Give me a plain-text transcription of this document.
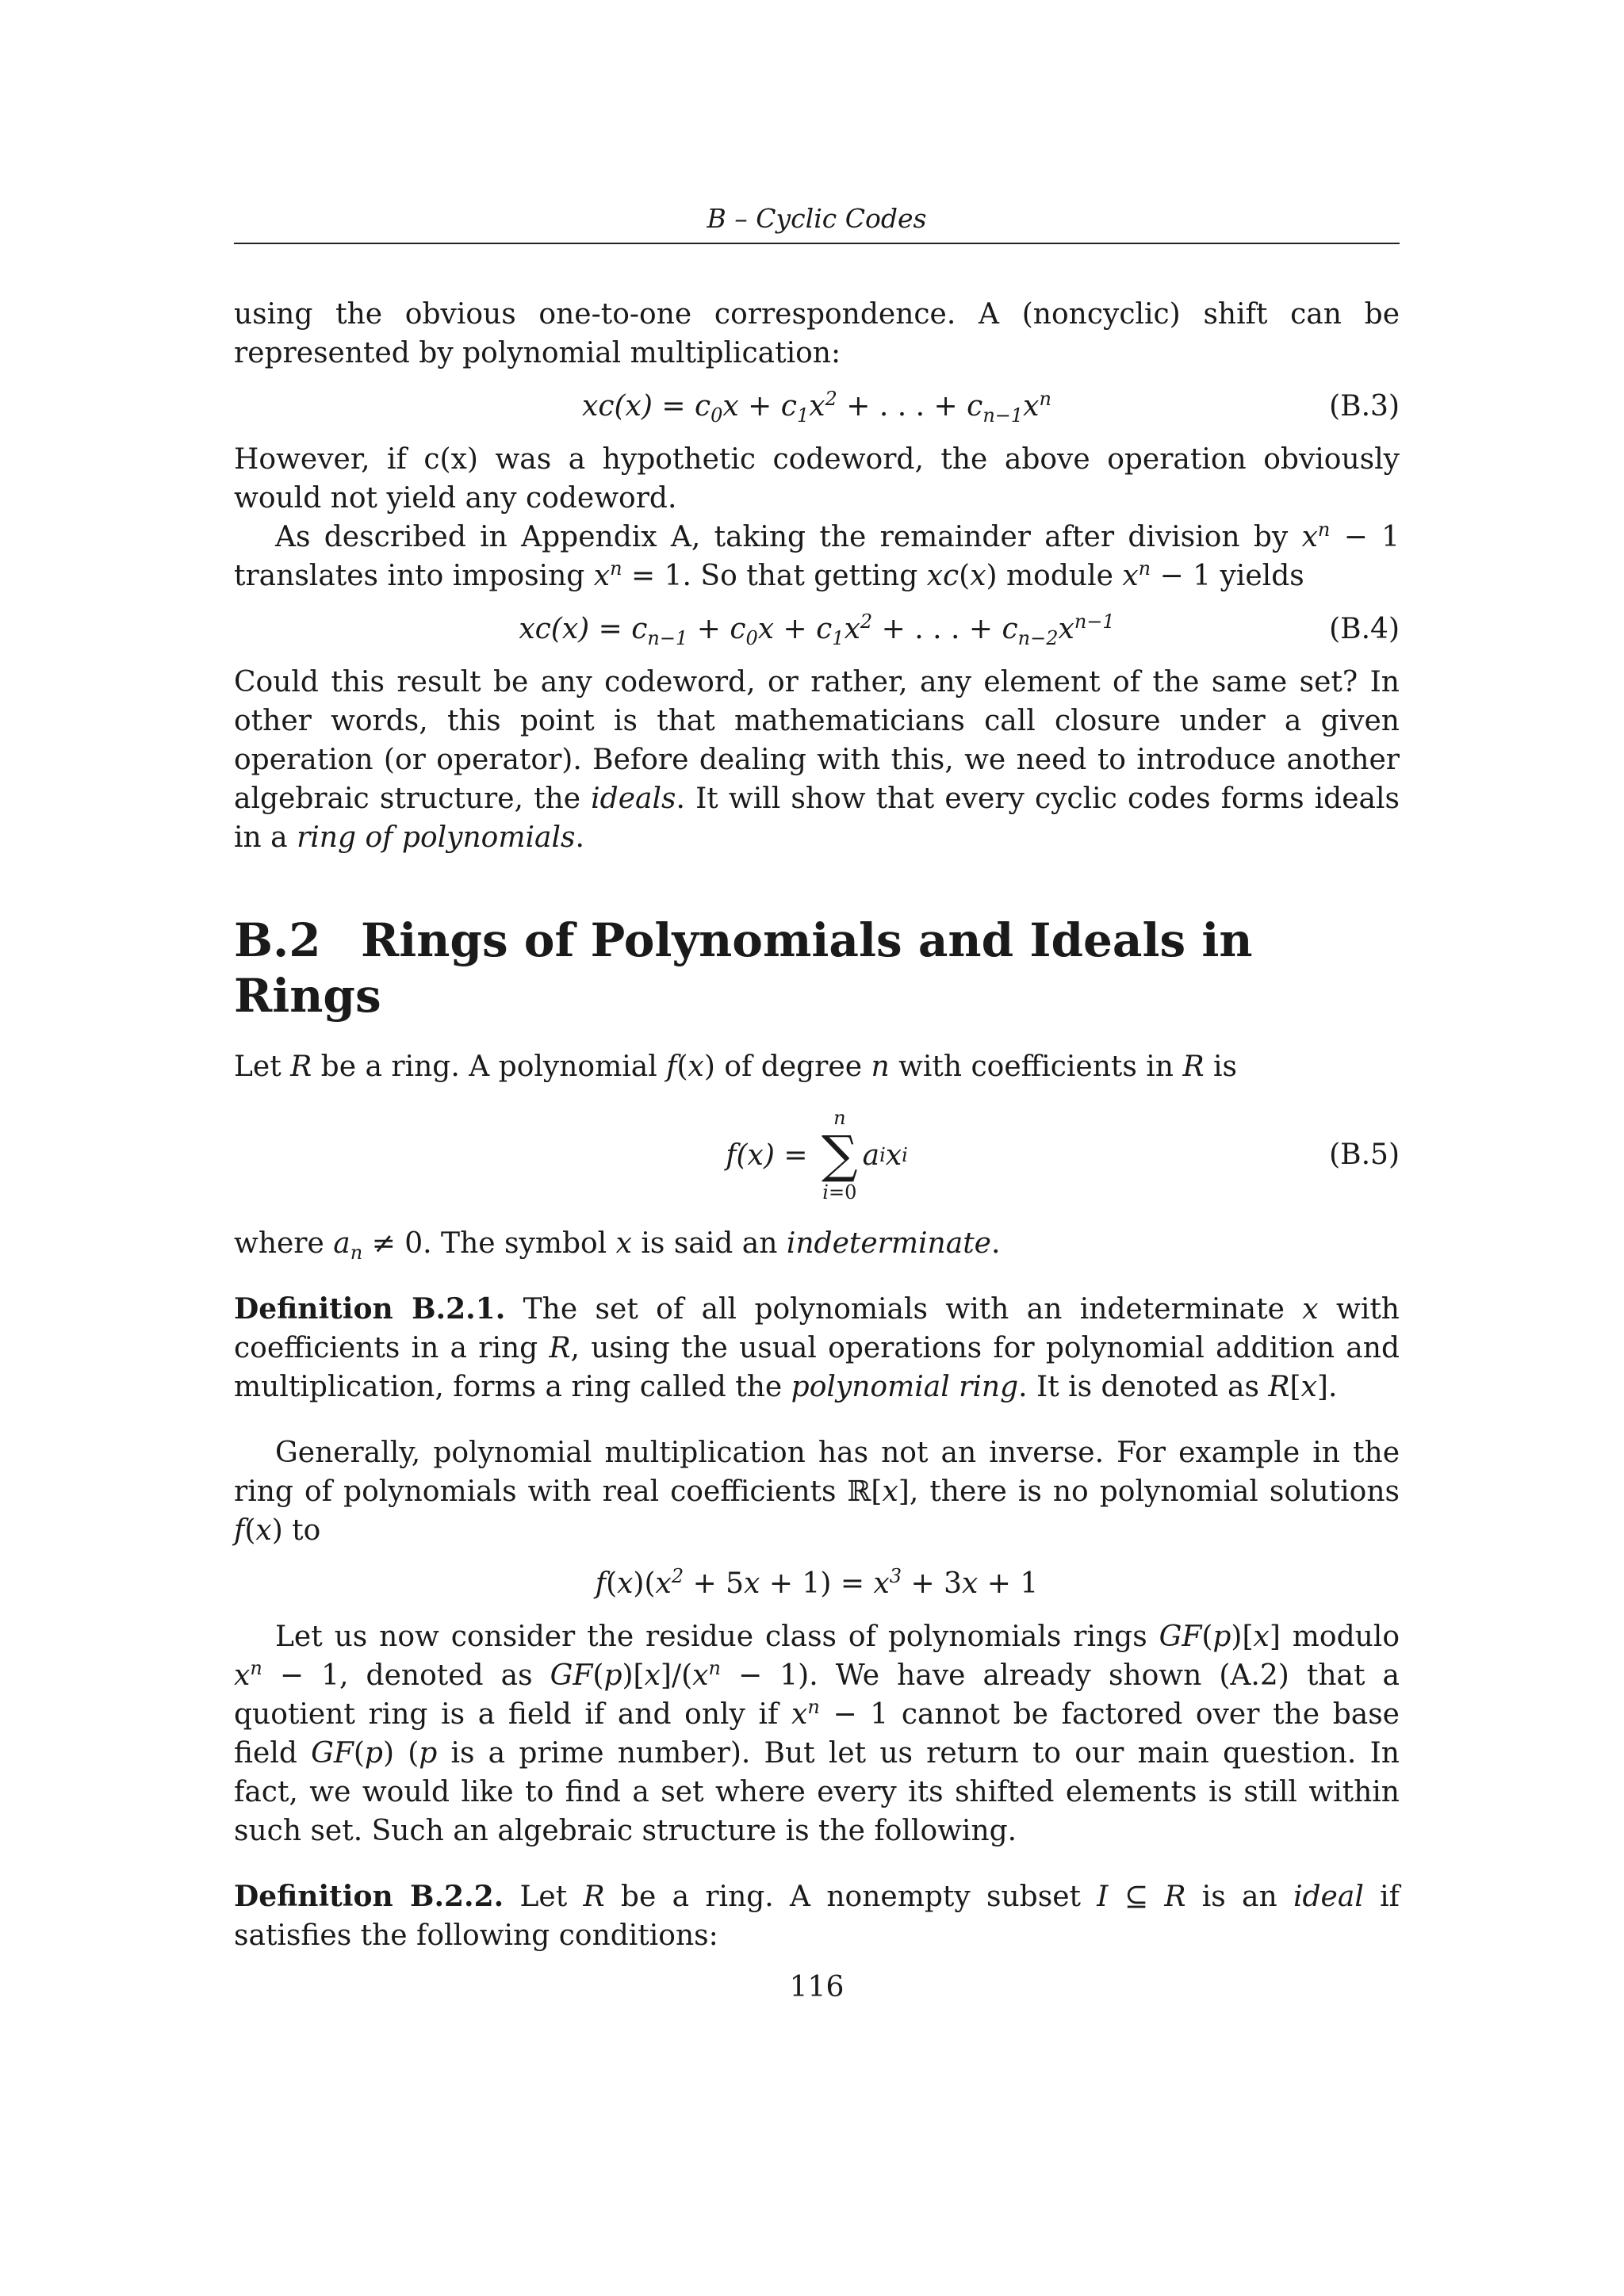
B – Cyclic Codes

using the obvious one-to-one correspondence. A (noncyclic) shift can be represented by polynomial multiplication:

$xc(x) = c_0x + c_1x^2$ + . . . + $c_{n-1}x^n$	(B.3)

However, if c(x) was a hypothetic codeword, the above operation obviously would not yield any codeword.

As described in Appendix A, taking the remainder after division by $x^n - 1$ translates into imposing $x^n = 1$. So that getting xc(x) module $x^n - 1$ yields

$xc(x) = c_{n-1} + c_0x + c_1x^2$ + . . . + $c_{n-2}x^{n-1}$	(B.4)

Could this result be any codeword, or rather, any element of the same set? In other words, this point is that mathematicians call closure under a given operation (or operator). Before dealing with this, we need to introduce another algebraic structure, the ideals. It will show that every cyclic codes forms ideals in a ring of polynomials.

B.2 Rings of Polynomials and Ideals in Rings

Let R be a ring. A polynomial f(x) of degree n with coefficients in R is

f(x) =
n
∑
i=0
a i x i	(B.5)

where $a_n \ne 0$. The symbol x is said an indeterminate.

Definition B.2.1. The set of all polynomials with an indeterminate x with coefficients in a ring R, using the usual operations for polynomial addition and multiplication, forms a ring called the polynomial ring. It is denoted as R[x].

Generally, polynomial multiplication has not an inverse. For example in the ring of polynomials with real coefficients ℝ[x], there is no polynomial solutions f(x) to

$f(x)(x^2 + 5x + 1) = x^3 + 3x + 1$

Let us now consider the residue class of polynomials rings GF(p)[x] modulo $x^n - 1$, denoted as $GF(p)[x]/(x^n - 1)$. We have already shown (A.2) that a quotient ring is a field if and only if $x^n - 1$ cannot be factored over the base field GF(p) (p is a prime number). But let us return to our main question. In fact, we would like to find a set where every its shifted elements is still within such set. Such an algebraic structure is the following.

Definition B.2.2. Let R be a ring. A nonempty subset I ⊆ R is an ideal if satisfies the following conditions:

116
